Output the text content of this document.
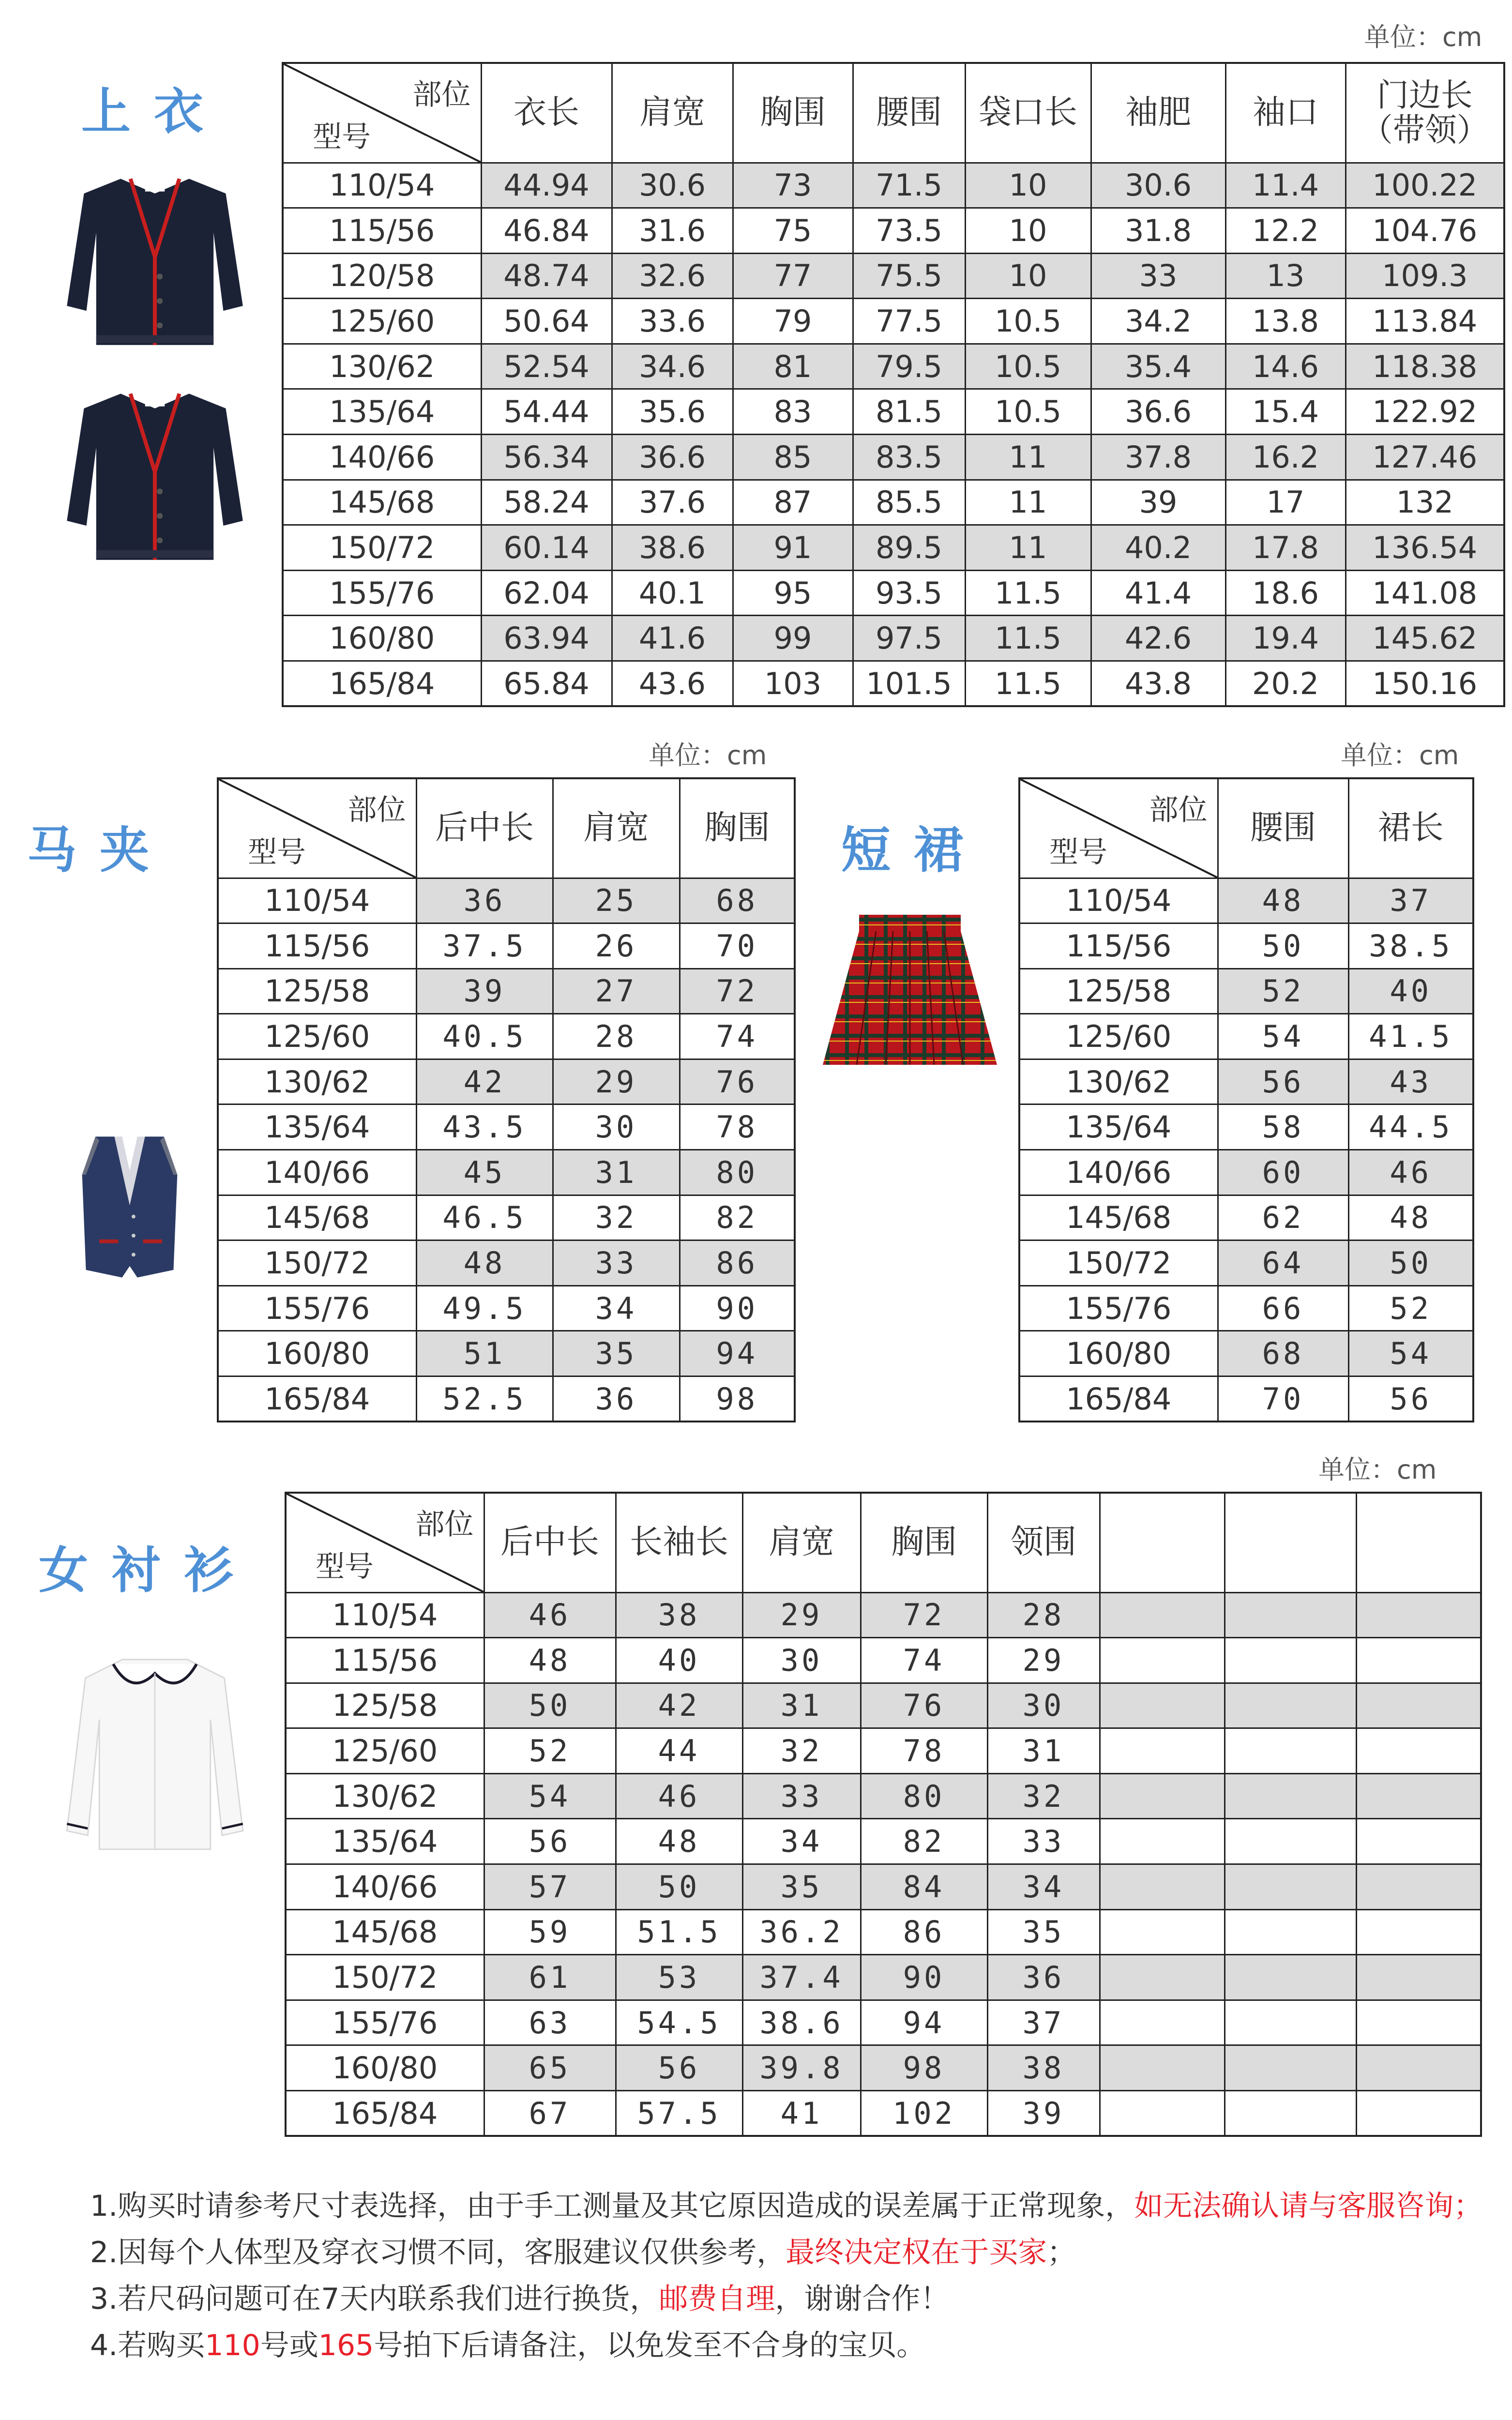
单位：cm
上衣	部位
型号	衣长	肩宽	胸围	腰围	袋口长	袖肥	袖口	门边长（带领）
110/54	44.94	30.6	73	71.5	10	30.6	11.4	100.22
115/56	46.84	31.6	75	73.5	10	31.8	12.2	104.76
120/58	48.74	32.6	77	75.5	10	33	13	109.3
125/60	50.64	33.6	79	77.5	10.5	34.2	13.8	113.84
130/62	52.54	34.6	81	79.5	10.5	35.4	14.6	118.38
135/64	54.44	35.6	83	81.5	10.5	36.6	15.4	122.92
140/66	56.34	36.6	85	83.5	11	37.8	16.2	127.46
145/68	58.24	37.6	87	85.5	11	39	17	132
150/72	60.14	38.6	91	89.5	11	40.2	17.8	136.54
155/76	62.04	40.1	95	93.5	11.5	41.4	18.6	141.08
160/80	63.94	41.6	99	97.5	11.5	42.6	19.4	145.62
165/84	65.84	43.6	103	101.5	11.5	43.8	20.2	150.16
单位：cm
马夹
部位
型号	后中长	肩宽	胸围
110/54	36	25	68
115/56	37.5	26	70
125/58	39	27	72
125/60	40.5	28	74
130/62	42	29	76
135/64	43.5	30	78
140/66	45	31	80
145/68	46.5	32	82
150/72	48	33	86
155/76	49.5	34	90
160/80	51	35	94
165/84	52.5	36	98
单位：cm
短裙
部位
型号	腰围	裙长
110/54	48	37
115/56	50	38.5
125/58	52	40
125/60	54	41.5
130/62	56	43
135/64	58	44.5
140/66	60	46
145/68	62	48
150/72	64	50
155/76	66	52
160/80	68	54
165/84	70	56
单位：cm
女衬衫
部位
型号	后中长	长袖长	肩宽	胸围	领围			
110/54	46	38	29	72	28			
115/56	48	40	30	74	29			
125/58	50	42	31	76	30			
125/60	52	44	32	78	31			
130/62	54	46	33	80	32			
135/64	56	48	34	82	33			
140/66	57	50	35	84	34			
145/68	59	51.5	36.2	86	35			
150/72	61	53	37.4	90	36			
155/76	63	54.5	38.6	94	37			
160/80	65	56	39.8	98	38			
165/84	67	57.5	41	102	39			
1.购买时请参考尺寸表选择，由于手工测量及其它原因造成的误差属于正常现象，如无法确认请与客服咨询；
2.因每个人体型及穿衣习惯不同，客服建议仅供参考，最终决定权在于买家；
3.若尺码问题可在7天内联系我们进行换货，邮费自理，谢谢合作！
4.若购买110号或165号拍下后请备注，以免发至不合身的宝贝。
